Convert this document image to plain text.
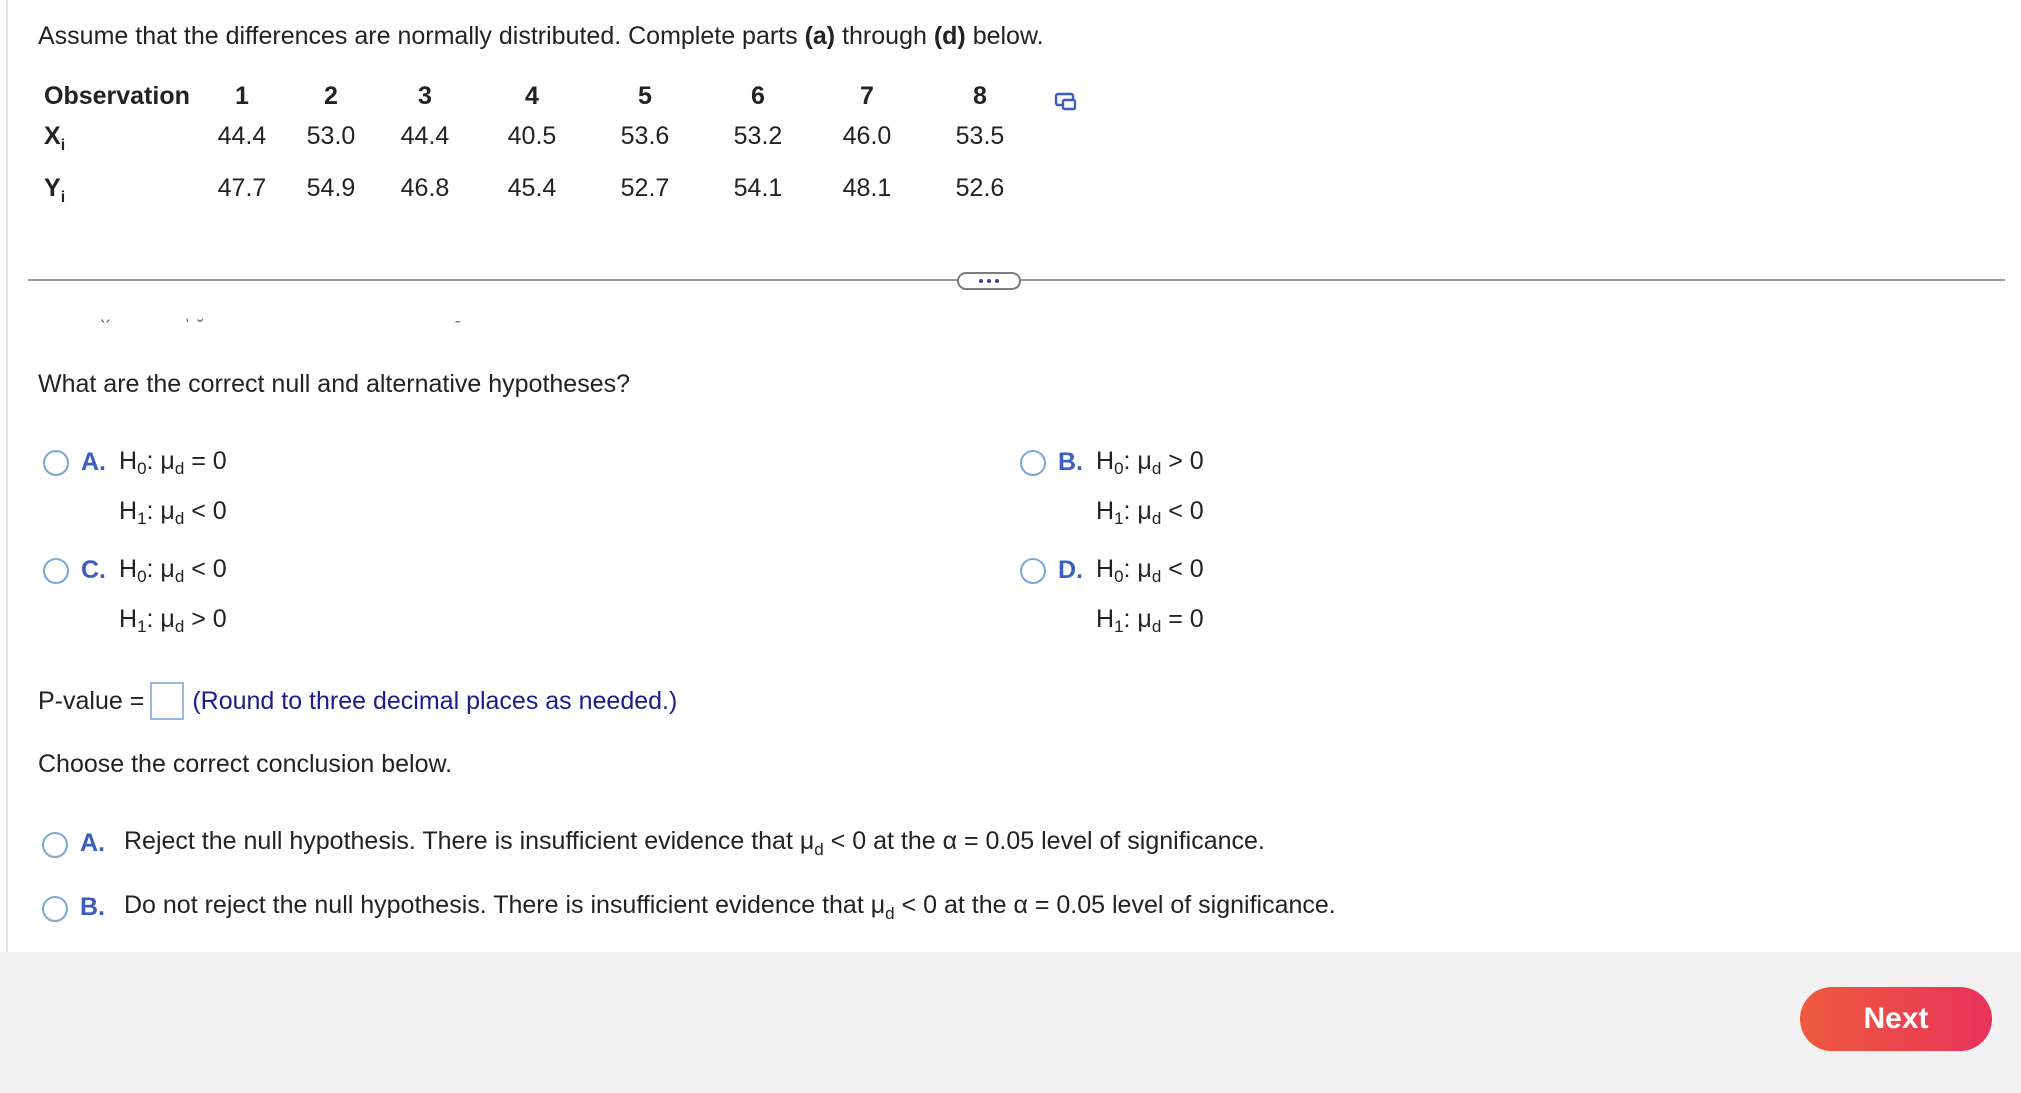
Assume that the differences are normally distributed. Complete parts (a) through (d) below.
Observation	1	2	3	4	5	6	7	8
$X_i$	44.4	53.0	44.4	40.5	53.6	53.2	46.0	53.5
$Y_i$	47.7	54.9	46.8	45.4	52.7	54.1	48.1	52.6
What are the correct null and alternative hypotheses?
A. $H_0$: $\mu_d = 0$
$H_1$: $\mu_d < 0$
B. $H_0$: $\mu_d > 0$
$H_1$: $\mu_d < 0$
C. $H_0$: $\mu_d < 0$
$H_1$: $\mu_d > 0$
D. $H_0$: $\mu_d < 0$
$H_1$: $\mu_d = 0$
P-value = (Round to three decimal places as needed.)
Choose the correct conclusion below.
A. Reject the null hypothesis. There is insufficient evidence that $\mu_d < 0$ at the α = 0.05 level of significance.
B. Do not reject the null hypothesis. There is insufficient evidence that $\mu_d < 0$ at the α = 0.05 level of significance.
Next
